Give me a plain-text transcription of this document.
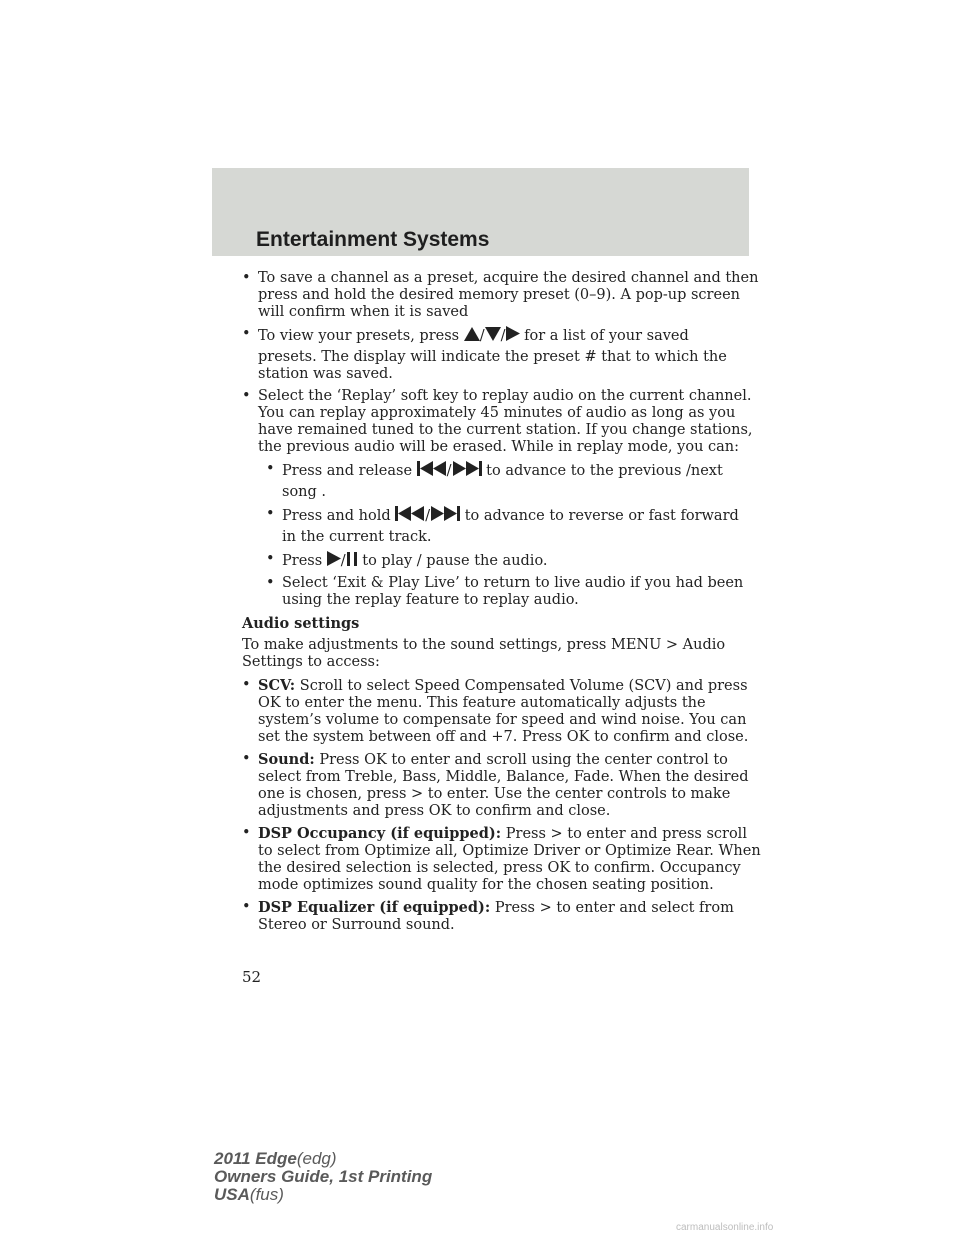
Entertainment Systems
• To save a channel as a preset, acquire the desired channel and then press and hold the desired memory preset (0–9). A pop-up screen will confirm when it is saved
• To view your presets, press / / for a list of your saved
presets. The display will indicate the preset # that to which the station was saved.
• Select the ‘Replay’ soft key to replay audio on the current channel. You can replay approximately 45 minutes of audio as long as you have remained tuned to the current station. If you change stations, the previous audio will be erased. While in replay mode, you can:
• Press and release / to advance to the previous /next
song .
• Press and hold / to advance to reverse or fast forward
in the current track.
• Press / to play / pause the audio.
• Select ‘Exit & Play Live’ to return to live audio if you had been using the replay feature to replay audio.
Audio settings

To make adjustments to the sound settings, press MENU > Audio Settings to access:

• SCV: Scroll to select Speed Compensated Volume (SCV) and press OK to enter the menu. This feature automatically adjusts the system’s volume to compensate for speed and wind noise. You can set the system between off and +7. Press OK to confirm and close.
• Sound: Press OK to enter and scroll using the center control to select from Treble, Bass, Middle, Balance, Fade. When the desired one is chosen, press > to enter. Use the center controls to make adjustments and press OK to confirm and close.
• DSP Occupancy (if equipped): Press > to enter and press scroll to select from Optimize all, Optimize Driver or Optimize Rear. When the desired selection is selected, press OK to confirm. Occupancy mode optimizes sound quality for the chosen seating position.
• DSP Equalizer (if equipped): Press > to enter and select from Stereo or Surround sound.
52
2011 Edge(edg)
Owners Guide, 1st Printing
USA(fus)
carmanualsonline.info
